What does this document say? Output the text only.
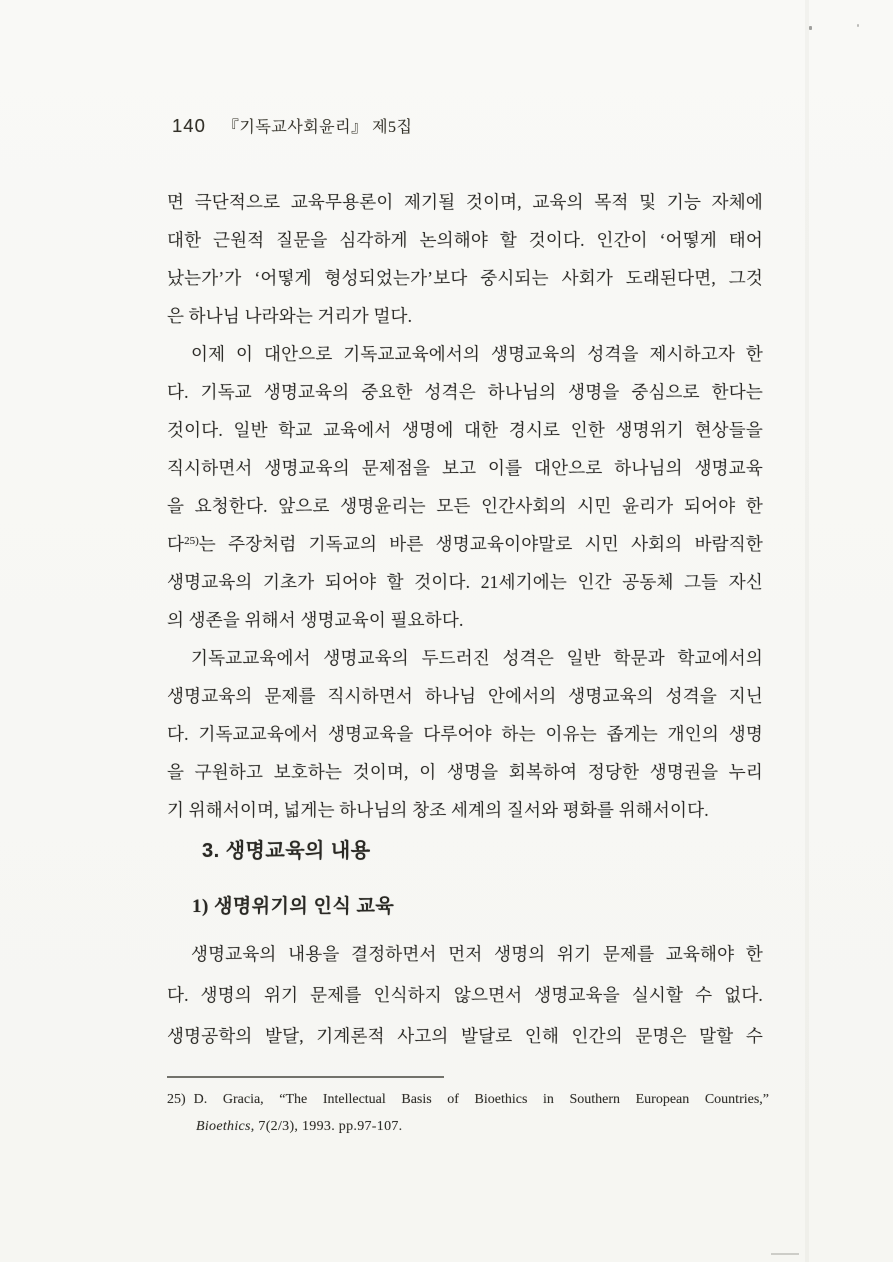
140 『기독교사회윤리』 제5집
면 극단적으로 교육무용론이 제기될 것이며, 교육의 목적 및 기능 자체에
대한 근원적 질문을 심각하게 논의해야 할 것이다. 인간이 ‘어떻게 태어
났는가’가 ‘어떻게 형성되었는가’보다 중시되는 사회가 도래된다면, 그것
은 하나님 나라와는 거리가 멀다.
이제 이 대안으로 기독교교육에서의 생명교육의 성격을 제시하고자 한
다. 기독교 생명교육의 중요한 성격은 하나님의 생명을 중심으로 한다는
것이다. 일반 학교 교육에서 생명에 대한 경시로 인한 생명위기 현상들을
직시하면서 생명교육의 문제점을 보고 이를 대안으로 하나님의 생명교육
을 요청한다. 앞으로 생명윤리는 모든 인간사회의 시민 윤리가 되어야 한
다$^{25)}$는 주장처럼 기독교의 바른 생명교육이야말로 시민 사회의 바람직한
생명교육의 기초가 되어야 할 것이다. 21세기에는 인간 공동체 그들 자신
의 생존을 위해서 생명교육이 필요하다.
기독교교육에서 생명교육의 두드러진 성격은 일반 학문과 학교에서의
생명교육의 문제를 직시하면서 하나님 안에서의 생명교육의 성격을 지닌
다. 기독교교육에서 생명교육을 다루어야 하는 이유는 좁게는 개인의 생명
을 구원하고 보호하는 것이며, 이 생명을 회복하여 정당한 생명권을 누리
기 위해서이며, 넓게는 하나님의 창조 세계의 질서와 평화를 위해서이다.
3. 생명교육의 내용
1) 생명위기의 인식 교육
생명교육의 내용을 결정하면서 먼저 생명의 위기 문제를 교육해야 한
다. 생명의 위기 문제를 인식하지 않으면서 생명교육을 실시할 수 없다.
생명공학의 발달, 기계론적 사고의 발달로 인해 인간의 문명은 말할 수
25) D. Gracia, “The Intellectual Basis of Bioethics in Southern European Countries,”
Bioethics, 7(2/3), 1993. pp.97-107.
